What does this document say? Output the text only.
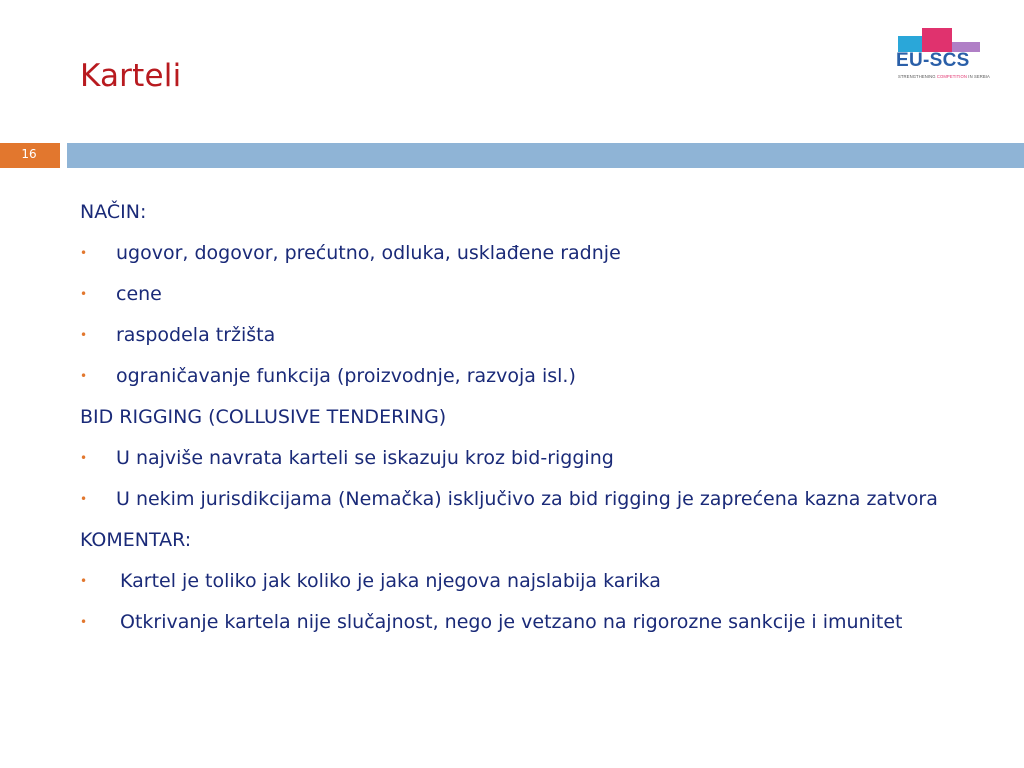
Karteli	EU-SCS
STRENGTHENING COMPETITION IN SERBIA
16
NAČIN:
• ugovor, dogovor, prećutno, odluka, usklađene radnje
• cene
• raspodela tržišta
• ograničavanje funkcija (proizvodnje, razvoja isl.)
BID RIGGING (COLLUSIVE TENDERING)
• U najviše navrata karteli se iskazuju kroz bid-rigging
• U nekim jurisdikcijama (Nemačka) isključivo za bid rigging je zaprećena kazna zatvora
KOMENTAR:
• Kartel je toliko jak koliko je jaka njegova najslabija karika
• Otkrivanje kartela nije slučajnost, nego je vetzano na rigorozne sankcije i imunitet
